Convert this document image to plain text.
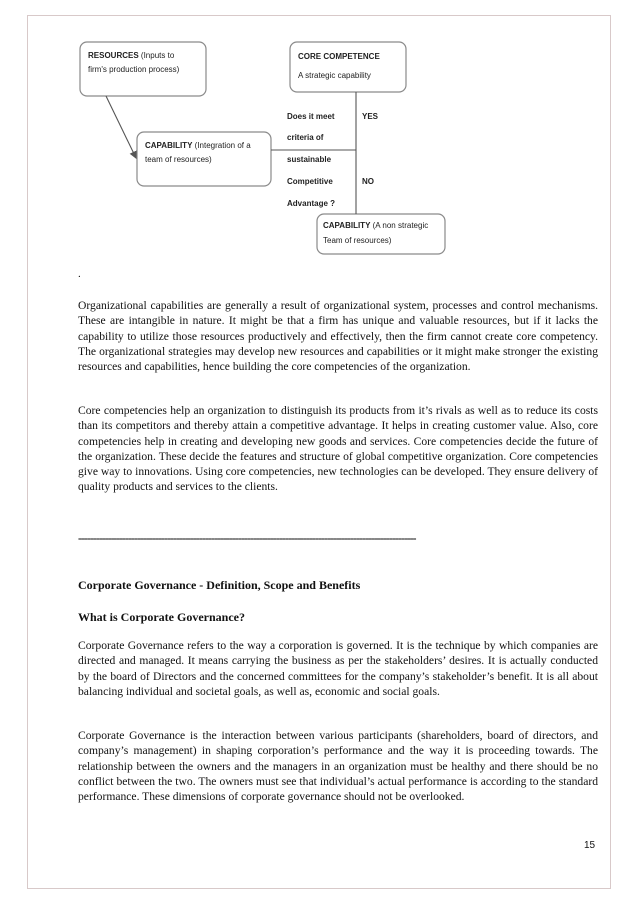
RESOURCES (Inputs to
firm's production process)
CORE COMPETENCE
A strategic capability
CAPABILITY (Integration of a
team of resources)
Does it meet
criteria of
sustainable
Competitive
Advantage ?
YES
NO
CAPABILITY (A non strategic
Team of resources)
.

Organizational capabilities are generally a result of organizational system, processes and control mechanisms. These are intangible in nature. It might be that a firm has unique and valuable resources, but if it lacks the capability to utilize those resources productively and effectively, then the firm cannot create core competency. The organizational strategies may develop new resources and capabilities or it might make stronger the existing resources and capabilities, hence building the core competencies of the organization.

Core competencies help an organization to distinguish its products from it’s rivals as well as to reduce its costs than its competitors and thereby attain a competitive advantage. It helps in creating customer value. Also, core competencies help in creating and developing new goods and services. Core competencies decide the future of the organization. These decide the features and structure of global competitive organization. Core competencies give way to innovations. Using core competencies, new technologies can be developed. They ensure delivery of quality products and services to the clients.

------------------------------------------------------------------------------------------------------------------
Corporate Governance - Definition, Scope and Benefits
What is Corporate Governance?

Corporate Governance refers to the way a corporation is governed. It is the technique by which companies are directed and managed. It means carrying the business as per the stakeholders’ desires. It is actually conducted by the board of Directors and the concerned committees for the company’s stakeholder’s benefit. It is all about balancing individual and societal goals, as well as, economic and social goals.

Corporate Governance is the interaction between various participants (shareholders, board of directors, and company’s management) in shaping corporation’s performance and the way it is proceeding towards. The relationship between the owners and the managers in an organization must be healthy and there should be no conflict between the two. The owners must see that individual’s actual performance is according to the standard performance. These dimensions of corporate governance should not be overlooked.

15
